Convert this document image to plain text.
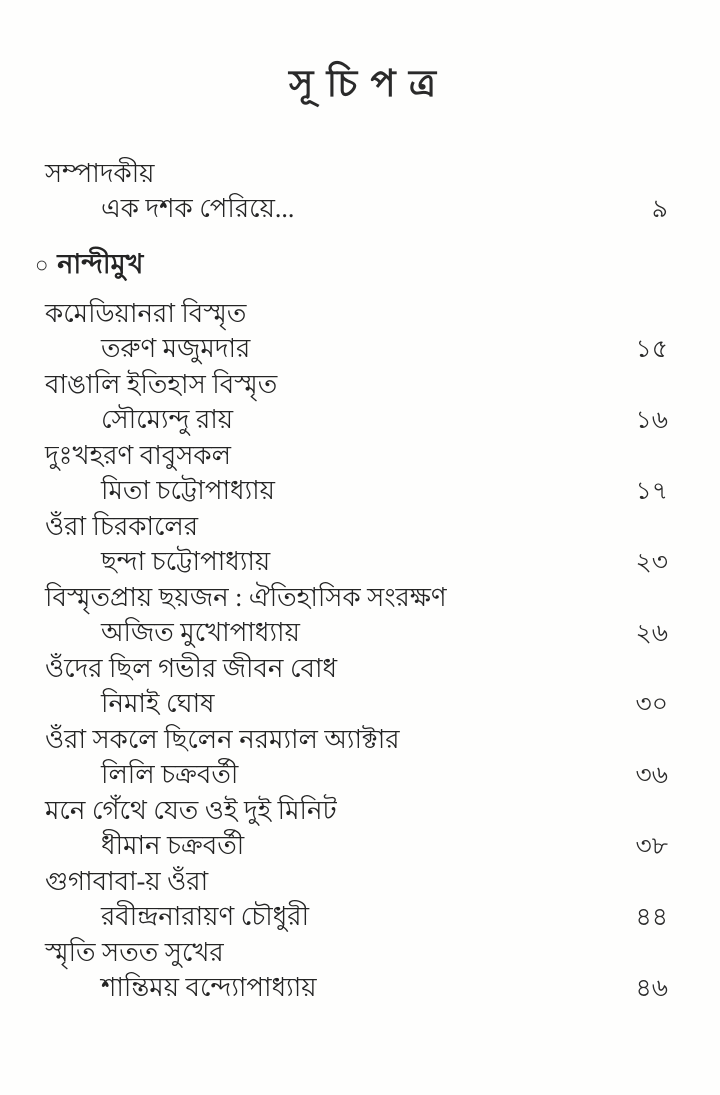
সূ চি প ত্র
সম্পাদকীয়
এক দশক পেরিয়ে...	৯
○ নান্দীমুখ
কমেডিয়ানরা বিস্মৃত
তরুণ মজুমদার	১৫
বাঙালি ইতিহাস বিস্মৃত
সৌম্যেন্দু রায়	১৬
দুঃখহরণ বাবুসকল
মিতা চট্টোপাধ্যায়	১৭
ওঁরা চিরকালের
ছন্দা চট্টোপাধ্যায়	২৩
বিস্মৃতপ্রায় ছয়জন : ঐতিহাসিক সংরক্ষণ
অজিত মুখোপাধ্যায়	২৬
ওঁদের ছিল গভীর জীবন বোধ
নিমাই ঘোষ	৩০
ওঁরা সকলে ছিলেন নরম্যাল অ্যাক্টার
লিলি চক্রবর্তী	৩৬
মনে গেঁথে যেত ওই দুই মিনিট
ধীমান চক্রবর্তী	৩৮
গুগাবাবা-য় ওঁরা
রবীন্দ্রনারায়ণ চৌধুরী	৪৪
স্মৃতি সতত সুখের
শান্তিময় বন্দ্যোপাধ্যায়	৪৬
